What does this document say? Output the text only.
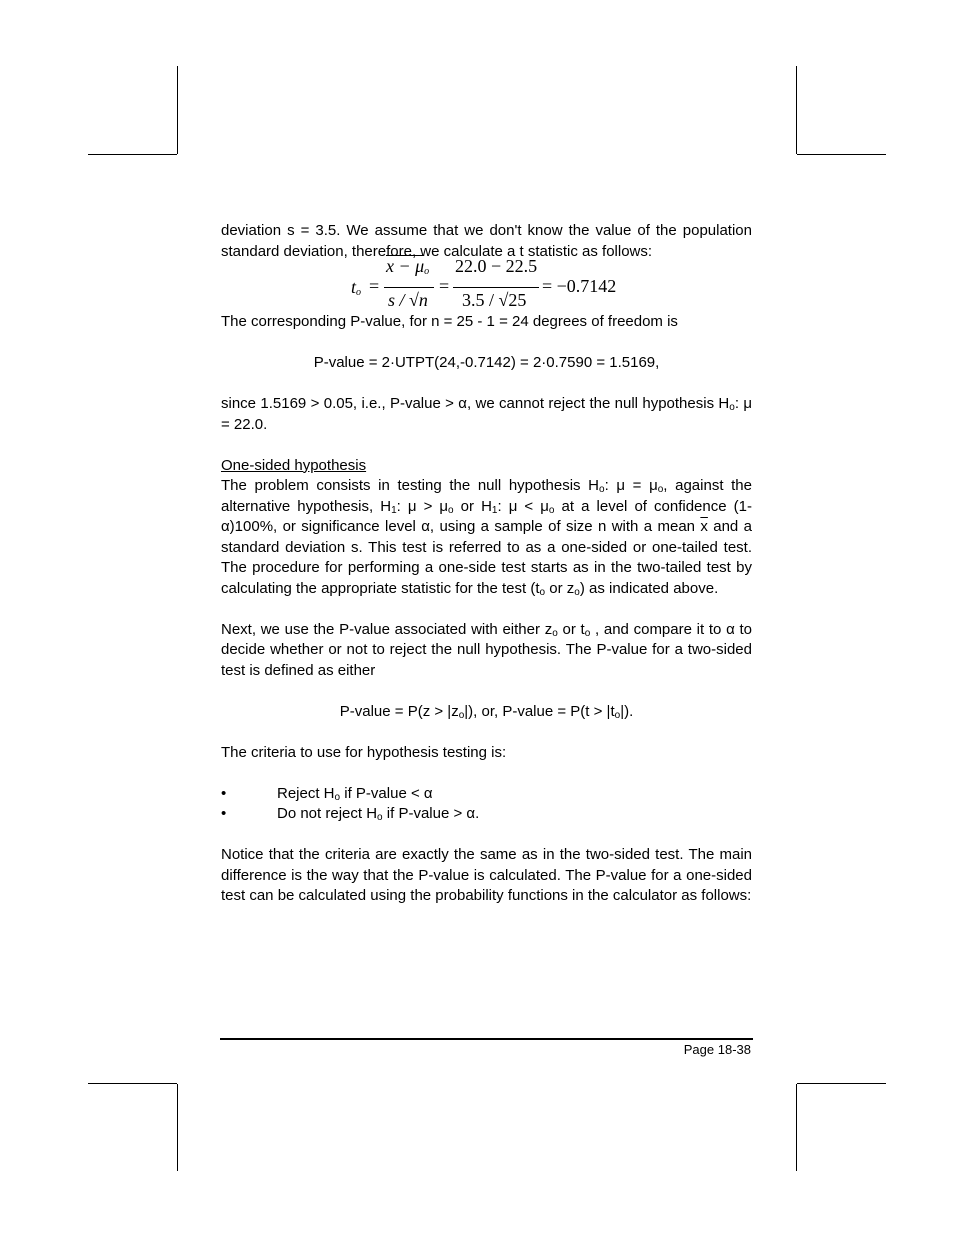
deviation s = 3.5. We assume that we don't know the value of the population standard deviation, therefore, we calculate a t statistic as follows:

$t_o$ =
$x - \mu_o$
s / √n
=
22.0 − 22.5
3.5 / √25
= −0.7142

The corresponding P-value, for n = 25 - 1 = 24 degrees of freedom is

P-value = 2·UTPT(24,-0.7142) = 2·0.7590 = 1.5169,

since 1.5169 > 0.05, i.e., P-value > α, we cannot reject the null hypothesis $H_o$: μ = 22.0.

One-sided hypothesis

The problem consists in testing the null hypothesis $H_o$: $\mu = \mu_o$, against the alternative hypothesis, $H_1$: $\mu > \mu_o$ or $H_1$: $\mu < \mu_o$ at a level of confidence (1-α)100%, or significance level α, using a sample of size n with a mean $\overline{x}$ and a standard deviation s. This test is referred to as a one-sided or one-tailed test. The procedure for performing a one-side test starts as in the two-tailed test by calculating the appropriate statistic for the test ($t_o$ or $z_o$) as indicated above.

Next, we use the P-value associated with either $z_o$ or $t_o$ , and compare it to α to decide whether or not to reject the null hypothesis. The P-value for a two-sided test is defined as either

P-value = $P(z > |z_o|)$, or, P-value = $P(t > |t_o|)$.

The criteria to use for hypothesis testing is:

•	Reject $H_o$ if P-value < α
•	Do not reject $H_o$ if P-value > α.

Notice that the criteria are exactly the same as in the two-sided test. The main difference is the way that the P-value is calculated. The P-value for a one-sided test can be calculated using the probability functions in the calculator as follows:

Page 18-38
